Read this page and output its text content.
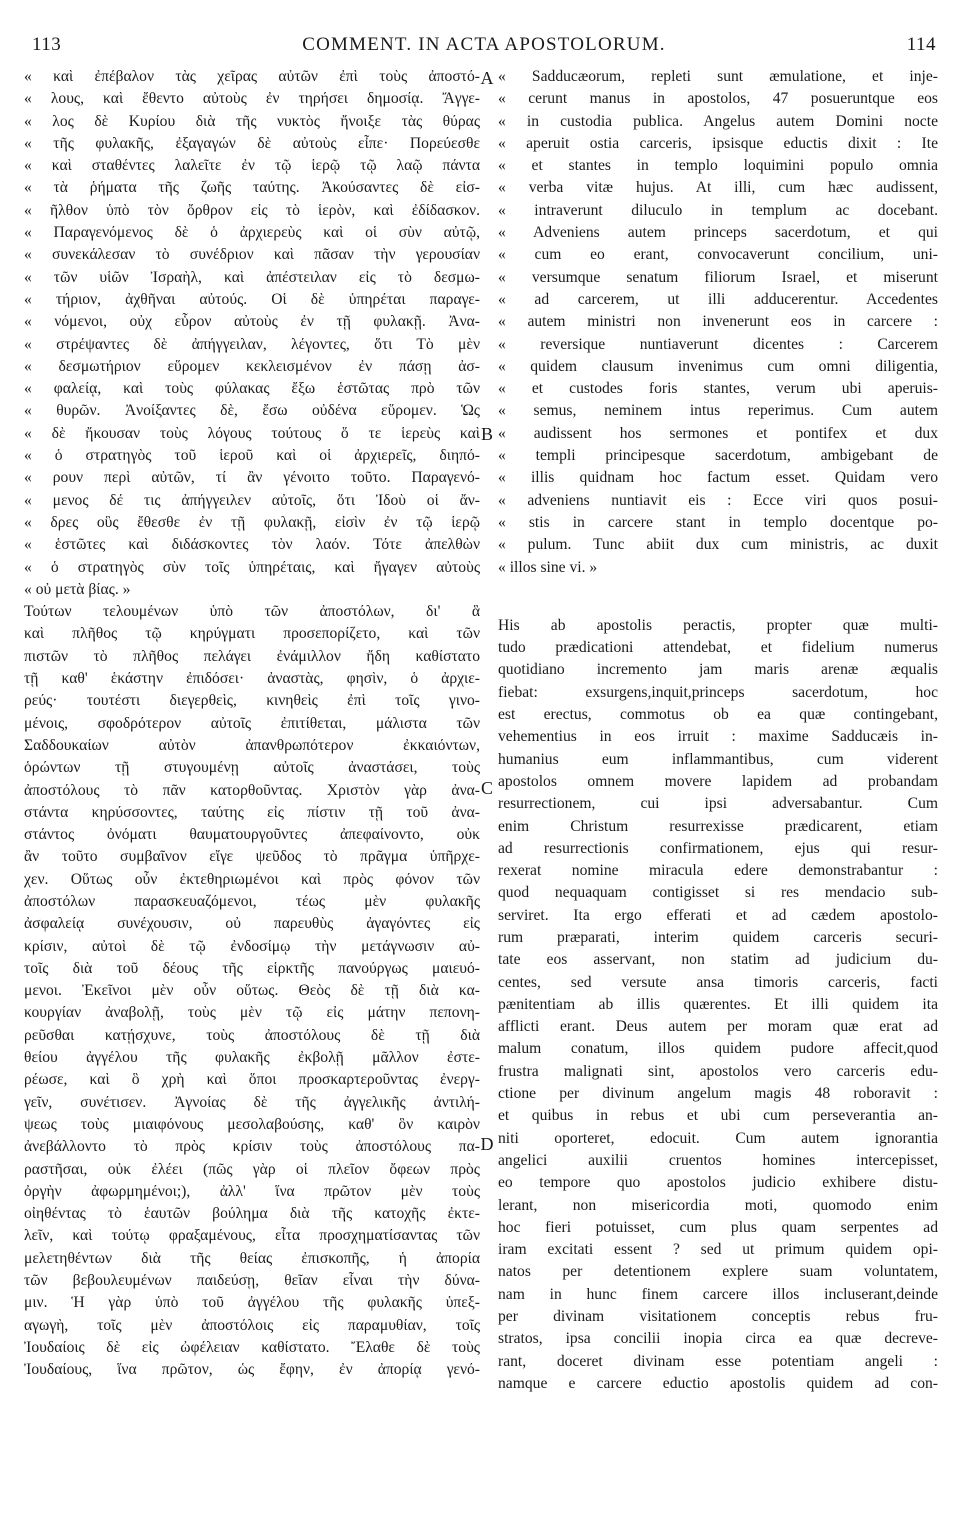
113	COMMENT. IN ACTA APOSTOLORUM.	114
« καὶ ἐπέβαλον τὰς χεῖρας αὐτῶν ἐπὶ τοὺς ἀποστό-
« λους, καὶ ἔθεντο αὐτοὺς ἐν τηρήσει δημοσίᾳ. Ἄγγε-
« λος δὲ Κυρίου διὰ τῆς νυκτὸς ἤνοιξε τὰς θύρας
« τῆς φυλακῆς, ἐξαγαγών δὲ αὐτοὺς εἶπε· Πορεύεσθε
« καὶ σταθέντες λαλεῖτε ἐν τῷ ἱερῷ τῷ λαῷ πάντα
« τὰ ῥήματα τῆς ζωῆς ταύτης. Ἀκούσαντες δὲ εἰσ-
« ῆλθον ὑπὸ τὸν ὄρθρον εἰς τὸ ἱερὸν, καὶ ἐδίδασκον.
« Παραγενόμενος δὲ ὁ ἀρχιερεὺς καὶ οἱ σὺν αὐτῷ,
« συνεκάλεσαν τὸ συνέδριον καὶ πᾶσαν τὴν γερουσίαν
« τῶν υἱῶν Ἰσραὴλ, καὶ ἀπέστειλαν εἰς τὸ δεσμω-
« τήριον, ἀχθῆναι αὐτούς. Οἱ δὲ ὑπηρέται παραγε-
« νόμενοι, οὐχ εὗρον αὐτοὺς ἐν τῇ φυλακῇ. Ἀνα-
« στρέψαντες δὲ ἀπήγγειλαν, λέγοντες, ὅτι Τὸ μὲν
« δεσμωτήριον εὕρομεν κεκλεισμένον ἐν πάσῃ ἀσ-
« φαλείᾳ, καὶ τοὺς φύλακας ἔξω ἑστῶτας πρὸ τῶν
« θυρῶν. Ἀνοίξαντες δὲ, ἔσω οὐδένα εὕρομεν. Ὡς
« δὲ ἤκουσαν τοὺς λόγους τούτους ὅ τε ἱερεὺς καὶ
« ὁ στρατηγὸς τοῦ ἱεροῦ καὶ οἱ ἀρχιερεῖς, διηπό-
« ρουν περὶ αὐτῶν, τί ἂν γένοιτο τοῦτο. Παραγενό-
« μενος δέ τις ἀπήγγειλεν αὐτοῖς, ὅτι Ἰδοὺ οἱ ἄν-
« δρες οὓς ἔθεσθε ἐν τῇ φυλακῇ, εἰσὶν ἐν τῷ ἱερῷ
« ἑστῶτες καὶ διδάσκοντες τὸν λαόν. Τότε ἀπελθὼν
« ὁ στρατηγὸς σὺν τοῖς ὑπηρέταις, καὶ ἤγαγεν αὐτοὺς
« οὐ μετὰ βίας. »
Τούτων τελουμένων ὑπὸ τῶν ἀποστόλων, δι' ἃ
καὶ πλῆθος τῷ κηρύγματι προσεπορίζετο, καὶ τῶν
πιστῶν τὸ πλῆθος πελάγει ἐνάμιλλον ἤδη καθίστατο
τῇ καθ' ἑκάστην ἐπιδόσει· ἀναστὰς, φησὶν, ὁ ἀρχιε-
ρεύς· τουτέστι διεγερθεὶς, κινηθεὶς ἐπὶ τοῖς γινο-
μένοις, σφοδρότερον αὐτοῖς ἐπιτίθεται, μάλιστα τῶν
Σαδδουκαίων αὐτὸν ἀπανθρωπότερον ἐκκαιόντων,
ὁρώντων τῇ στυγουμένῃ αὐτοῖς ἀναστάσει, τοὺς
ἀποστόλους τὸ πᾶν κατορθοῦντας. Χριστὸν γὰρ ἀνα-
στάντα κηρύσσοντες, ταύτης εἰς πίστιν τῇ τοῦ ἀνα-
στάντος ὀνόματι θαυματουργοῦντες ἀπεφαίνοντο, οὐκ
ἂν τοῦτο συμβαῖνον εἴγε ψεῦδος τὸ πρᾶγμα ὑπῆρχε-
χεν. Οὕτως οὖν ἐκτεθηριωμένοι καὶ πρὸς φόνον τῶν
ἀποστόλων παρασκευαζόμενοι, τέως μὲν φυλακῆς
ἀσφαλείᾳ συνέχουσιν, οὐ παρευθὺς ἀγαγόντες εἰς
κρίσιν, αὐτοὶ δὲ τῷ ἐνδοσίμῳ τὴν μετάγνωσιν αὐ-
τοῖς διὰ τοῦ δέους τῆς εἱρκτῆς πανούργως μαιευό-
μενοι. Ἐκεῖνοι μὲν οὖν οὕτως. Θεὸς δὲ τῇ διὰ κα-
κουργίαν ἀναβολῇ, τοὺς μὲν τῷ εἰς μάτην πεπονη-
ρεῦσθαι κατῄσχυνε, τοὺς ἀποστόλους δὲ τῇ διὰ
θείου ἀγγέλου τῆς φυλακῆς ἐκβολῇ μᾶλλον ἐστε-
ρέωσε, καὶ ὃ χρὴ καὶ ὅποι προσκαρτεροῦντας ἐνεργ-
γεῖν, συνέτισεν. Ἀγνοίας δὲ τῆς ἀγγελικῆς ἀντιλή-
ψεως τοὺς μιαιφόνους μεσολαβούσης, καθ' ὃν καιρὸν
ἀνεβάλλοντο τὸ πρὸς κρίσιν τοὺς ἀποστόλους πα-
ραστῆσαι, οὐκ ἐλέει (πῶς γὰρ οἱ πλεῖον ὄφεων πρὸς
ὀργὴν ἀφωρμημένοι;), ἀλλ' ἵνα πρῶτον μὲν τοὺς
οἰηθέντας τὸ ἑαυτῶν βούλημα διὰ τῆς κατοχῆς ἐκτε-
λεῖν, καὶ τούτῳ φραξαμένους, εἶτα προσχηματίσαντας τῶν
μελετηθέντων διὰ τῆς θείας ἐπισκοπῆς, ἡ ἀπορία
τῶν βεβουλευμένων παιδεύσῃ, θεῖαν εἶναι τὴν δύνα-
μιν. Ἡ γὰρ ὑπὸ τοῦ ἀγγέλου τῆς φυλακῆς ὑπεξ-
αγωγὴ, τοῖς μὲν ἀποστόλοις εἰς παραμυθίαν, τοῖς
Ἰουδαίοις δὲ εἰς ὠφέλειαν καθίστατο. Ἔλαθε δὲ τοὺς
Ἰουδαίους, ἵνα πρῶτον, ὡς ἔφην, ἐν ἀπορίᾳ γενό-
« Sadducæorum, repleti sunt æmulatione, et inje-
« cerunt manus in apostolos, 47 posueruntque eos
« in custodia publica. Angelus autem Domini nocte
« aperuit ostia carceris, ipsisque eductis dixit : Ite
« et stantes in templo loquimini populo omnia
« verba vitæ hujus. At illi, cum hæc audissent,
« intraverunt diluculo in templum ac docebant.
« Adveniens autem princeps sacerdotum, et qui
« cum eo erant, convocaverunt concilium, uni-
« versumque senatum filiorum Israel, et miserunt
« ad carcerem, ut illi adducerentur. Accedentes
« autem ministri non invenerunt eos in carcere :
« reversique nuntiaverunt dicentes : Carcerem
« quidem clausum invenimus cum omni diligentia,
« et custodes foris stantes, verum ubi aperuis-
« semus, neminem intus reperimus. Cum autem
« audissent hos sermones et pontifex et dux
« templi principesque sacerdotum, ambigebant de
« illis quidnam hoc factum esset. Quidam vero
« adveniens nuntiavit eis : Ecce viri quos posui-
« stis in carcere stant in templo docentque po-
« pulum. Tunc abiit dux cum ministris, ac duxit
« illos sine vi. »
His ab apostolis peractis, propter quæ multi-
tudo prædicationi attendebat, et fidelium numerus
quotidiano incremento jam maris arenæ æqualis
fiebat: exsurgens,inquit,princeps sacerdotum, hoc
est erectus, commotus ob ea quæ contingebant,
vehementius in eos irruit : maxime Sadducæis in-
humanius eum inflammantibus, cum viderent
apostolos omnem movere lapidem ad probandam
resurrectionem, cui ipsi adversabantur. Cum
enim Christum resurrexisse prædicarent, etiam
ad resurrectionis confirmationem, ejus qui resur-
rexerat nomine miracula edere demonstrabantur :
quod nequaquam contigisset si res mendacio sub-
serviret. Ita ergo efferati et ad cædem apostolo-
rum præparati, interim quidem carceris securi-
tate eos asservant, non statim ad judicium du-
centes, sed versute ansa timoris carceris, facti
pænitentiam ab illis quærentes. Et illi quidem ita
afflicti erant. Deus autem per moram quæ erat ad
malum conatum, illos quidem pudore affecit,quod
frustra malignati sint, apostolos vero carceris edu-
ctione per divinum angelum magis 48 roboravit :
et quibus in rebus et ubi cum perseverantia an-
niti oporteret, edocuit. Cum autem ignorantia
angelici auxilii cruentos homines intercepisset,
eo tempore quo apostolos judicio exhibere distu-
lerant, non misericordia moti, quomodo enim
hoc fieri potuisset, cum plus quam serpentes ad
iram excitati essent ? sed ut primum quidem opi-
natos per detentionem explere suam voluntatem,
nam in hunc finem carcere illos incluserant,deinde
per divinam visitationem conceptis rebus fru-
stratos, ipsa concilii inopia circa ea quæ decreve-
rant, doceret divinam esse potentiam angeli :
namque e carcere eductio apostolis quidem ad con-
A
B
C
D
